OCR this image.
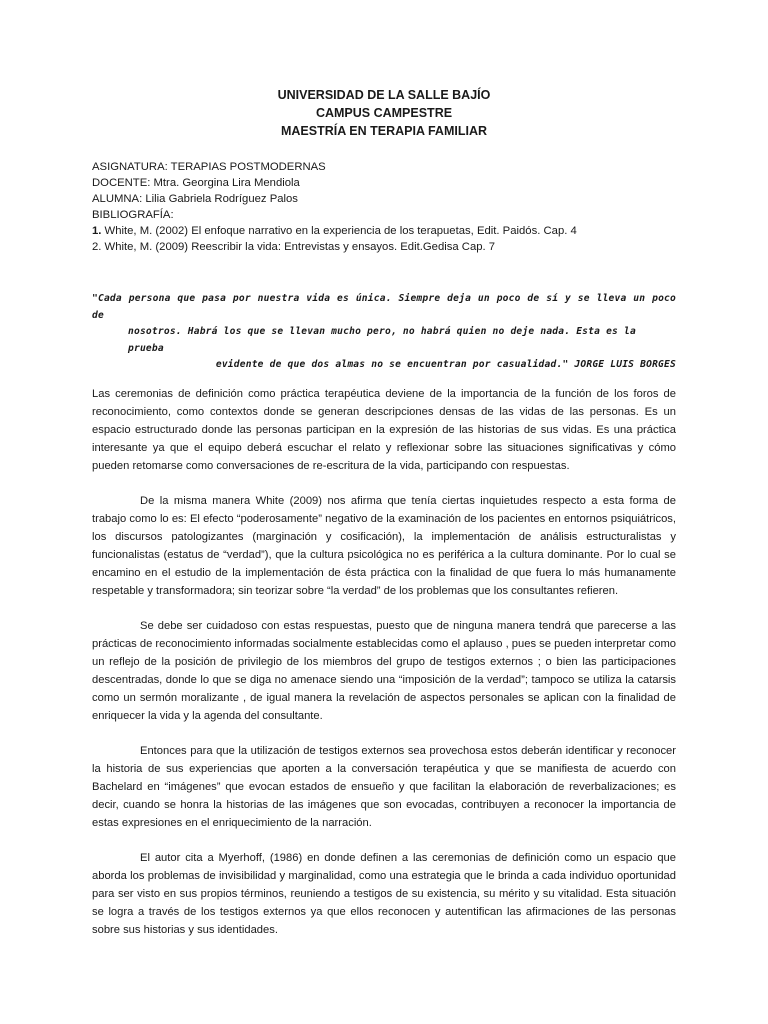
UNIVERSIDAD DE LA SALLE BAJÍO
CAMPUS CAMPESTRE
MAESTRÍA EN TERAPIA FAMILIAR
ASIGNATURA: TERAPIAS POSTMODERNAS
DOCENTE: Mtra. Georgina Lira Mendiola
ALUMNA: Lilia Gabriela Rodríguez Palos
BIBLIOGRAFÍA:
1. White, M. (2002) El enfoque narrativo en la experiencia de los terapuetas, Edit. Paidós. Cap. 4
2. White, M. (2009) Reescribir la vida: Entrevistas y ensayos. Edit.Gedisa Cap. 7
"Cada persona que pasa por nuestra vida es única. Siempre deja un poco de sí y se lleva un poco de
nosotros. Habrá los que se llevan mucho pero, no habrá quien no deje nada. Esta es la prueba
evidente de que dos almas no se encuentran por casualidad." JORGE LUIS BORGES

Las ceremonias de definición como práctica terapéutica deviene de la importancia de la función de los foros de reconocimiento, como contextos donde se generan descripciones densas de las vidas de las personas. Es un espacio estructurado donde las personas participan en la expresión de las historias de sus vidas. Es una práctica interesante ya que el equipo deberá escuchar el relato y reflexionar sobre las situaciones significativas y cómo pueden retomarse como conversaciones de re-escritura de la vida, participando con respuestas.

De la misma manera White (2009) nos afirma que tenía ciertas inquietudes respecto a esta forma de trabajo como lo es: El efecto “poderosamente” negativo de la examinación de los pacientes en entornos psiquiátricos, los discursos patologizantes (marginación y cosificación), la implementación de análisis estructuralistas y funcionalistas (estatus de “verdad”), que la cultura psicológica no es periférica a la cultura dominante. Por lo cual se encamino en el estudio de la implementación de ésta práctica con la finalidad de que fuera lo más humanamente respetable y transformadora; sin teorizar sobre “la verdad” de los problemas que los consultantes refieren.

Se debe ser cuidadoso con estas respuestas, puesto que de ninguna manera tendrá que parecerse a las prácticas de reconocimiento informadas socialmente establecidas como el aplauso , pues se pueden interpretar como un reflejo de la posición de privilegio de los miembros del grupo de testigos externos ; o bien las participaciones descentradas, donde lo que se diga no amenace siendo una “imposición de la verdad”; tampoco se utiliza la catarsis como un sermón moralizante , de igual manera la revelación de aspectos personales se aplican con la finalidad de enriquecer la vida y la agenda del consultante.

Entonces para que la utilización de testigos externos sea provechosa estos deberán identificar y reconocer la historia de sus experiencias que aporten a la conversación terapéutica y que se manifiesta de acuerdo con Bachelard en “imágenes” que evocan estados de ensueño y que facilitan la elaboración de reverbalizaciones; es decir, cuando se honra la historias de las imágenes que son evocadas, contribuyen a reconocer la importancia de estas expresiones en el enriquecimiento de la narración.

El autor cita a Myerhoff, (1986) en donde definen a las ceremonias de definición como un espacio que aborda los problemas de invisibilidad y marginalidad, como una estrategia que le brinda a cada individuo oportunidad para ser visto en sus propios términos, reuniendo a testigos de su existencia, su mérito y su vitalidad. Esta situación se logra a través de los testigos externos ya que ellos reconocen y autentifican las afirmaciones de las personas sobre sus historias y sus identidades.
